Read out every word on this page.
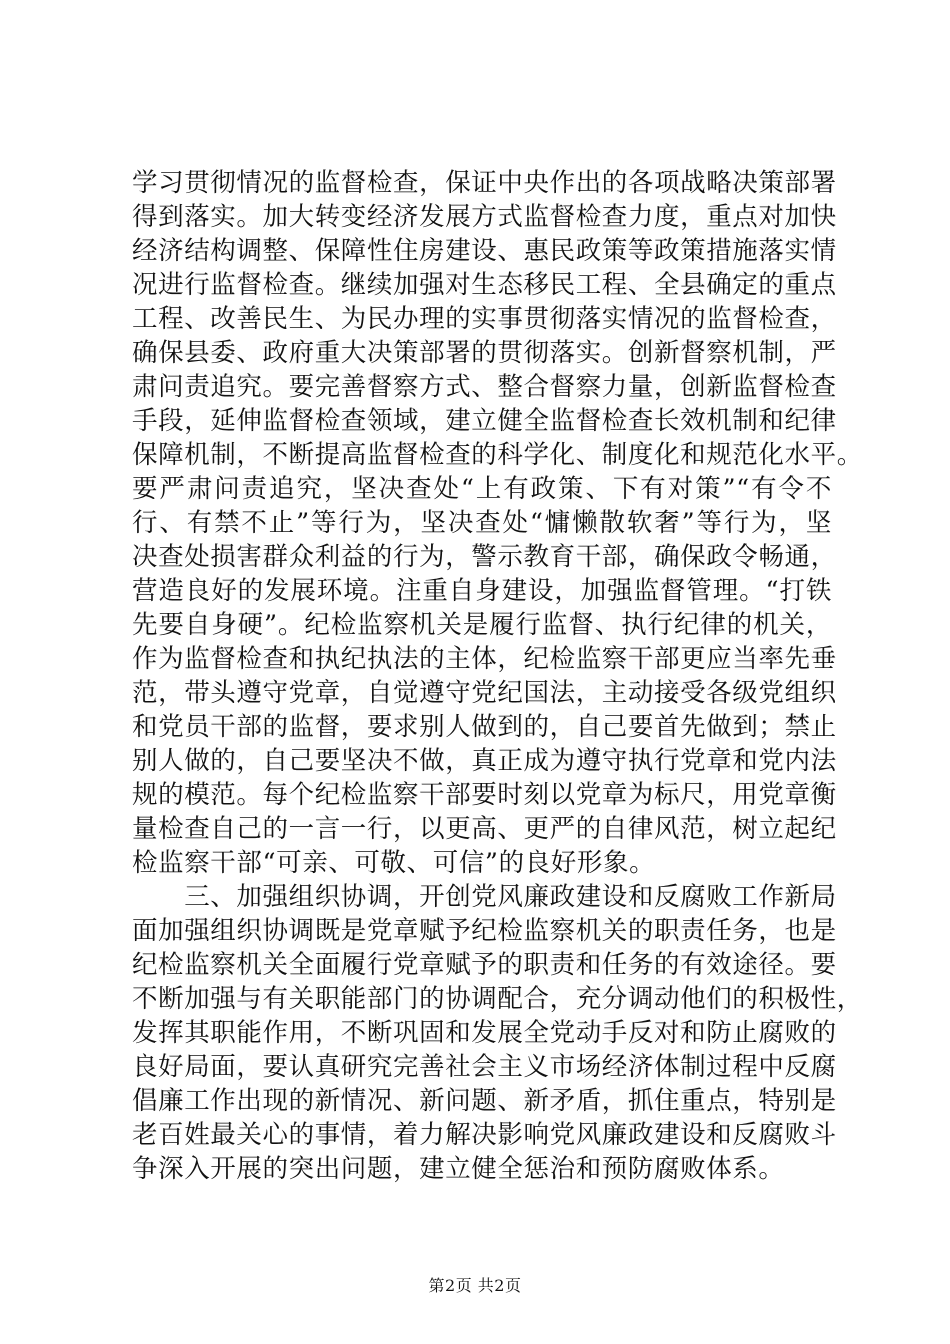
学习贯彻情况的监督检查，保证中央作出的各项战略决策部署
得到落实。加大转变经济发展方式监督检查力度，重点对加快
经济结构调整、保障性住房建设、惠民政策等政策措施落实情
况进行监督检查。继续加强对生态移民工程、全县确定的重点
工程、改善民生、为民办理的实事贯彻落实情况的监督检查，
确保县委、政府重大决策部署的贯彻落实。创新督察机制，严
肃问责追究。要完善督察方式、整合督察力量，创新监督检查
手段，延伸监督检查领域，建立健全监督检查长效机制和纪律
保障机制，不断提高监督检查的科学化、制度化和规范化水平。
要严肃问责追究，坚决查处“上有政策、下有对策”“有令不
行、有禁不止”等行为，坚决查处“慵懒散软奢”等行为，坚
决查处损害群众利益的行为，警示教育干部，确保政令畅通，
营造良好的发展环境。注重自身建设，加强监督管理。“打铁
先要自身硬”。纪检监察机关是履行监督、执行纪律的机关，
作为监督检查和执纪执法的主体，纪检监察干部更应当率先垂
范，带头遵守党章，自觉遵守党纪国法，主动接受各级党组织
和党员干部的监督，要求别人做到的，自己要首先做到；禁止
别人做的，自己要坚决不做，真正成为遵守执行党章和党内法
规的模范。每个纪检监察干部要时刻以党章为标尺，用党章衡
量检查自己的一言一行，以更高、更严的自律风范，树立起纪
检监察干部“可亲、可敬、可信”的良好形象。
　　三、加强组织协调，开创党风廉政建设和反腐败工作新局
面加强组织协调既是党章赋予纪检监察机关的职责任务，也是
纪检监察机关全面履行党章赋予的职责和任务的有效途径。要
不断加强与有关职能部门的协调配合，充分调动他们的积极性，
发挥其职能作用，不断巩固和发展全党动手反对和防止腐败的
良好局面，要认真研究完善社会主义市场经济体制过程中反腐
倡廉工作出现的新情况、新问题、新矛盾，抓住重点，特别是
老百姓最关心的事情，着力解决影响党风廉政建设和反腐败斗
争深入开展的突出问题，建立健全惩治和预防腐败体系。
第2页 共2页
